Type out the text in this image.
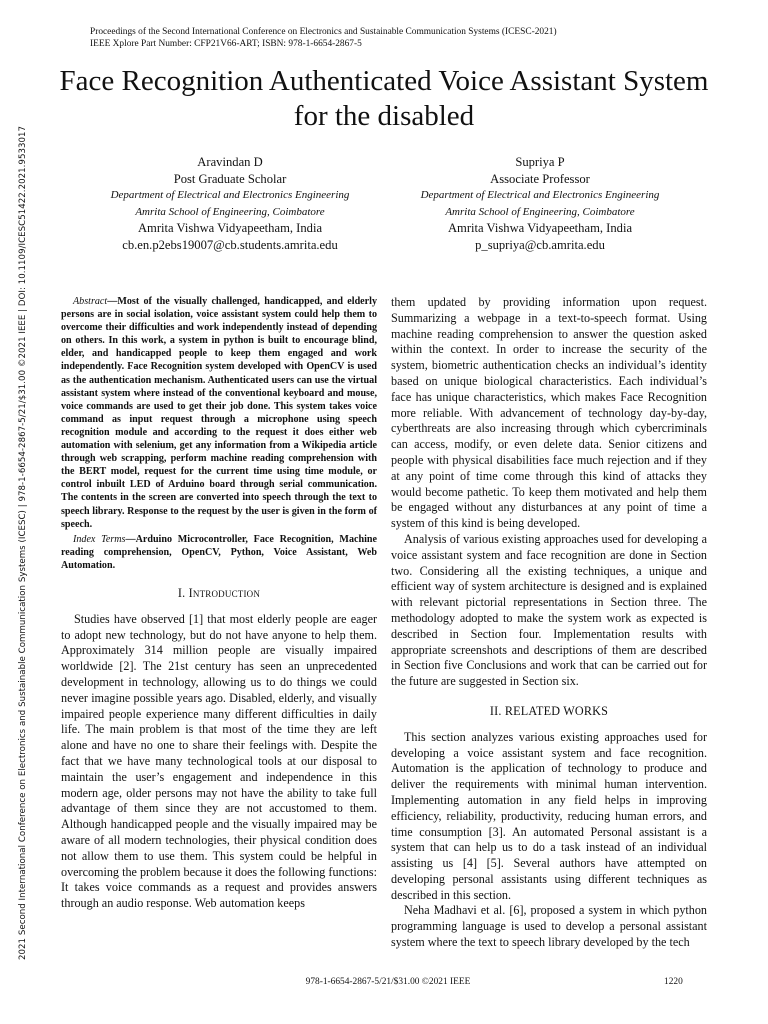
Proceedings of the Second International Conference on Electronics and Sustainable Communication Systems (ICESC-2021)
IEEE Xplore Part Number: CFP21V66-ART; ISBN: 978-1-6654-2867-5
Face Recognition Authenticated Voice Assistant System for the disabled
Aravindan D
Post Graduate Scholar
Department of Electrical and Electronics Engineering
Amrita School of Engineering, Coimbatore
Amrita Vishwa Vidyapeetham, India
cb.en.p2ebs19007@cb.students.amrita.edu
Supriya P
Associate Professor
Department of Electrical and Electronics Engineering
Amrita School of Engineering, Coimbatore
Amrita Vishwa Vidyapeetham, India
p_supriya@cb.amrita.edu
2021 Second International Conference on Electronics and Sustainable Communication Systems (ICESC) | 978-1-6654-2867-5/21/$31.00 ©2021 IEEE | DOI: 10.1109/ICESC51422.2021.9533017	Abstract—Most of the visually challenged, handicapped, and elderly persons are in social isolation, voice assistant system could help them to overcome their difficulties and work independently instead of depending on others. In this work, a system in python is built to encourage blind, elder, and handicapped people to keep them engaged and work independently. Face Recognition system developed with OpenCV is used as the authentication mechanism. Authenticated users can use the virtual assistant system where instead of the conventional keyboard and mouse, voice commands are used to get their job done. This system takes voice command as input request through a microphone using speech recognition module and according to the request it does either web automation with selenium, get any information from a Wikipedia article through web scrapping, perform machine reading comprehension with the BERT model, request for the current time using time module, or control inbuilt LED of Arduino board through serial communication. The contents in the screen are converted into speech through the text to speech library. Response to the request by the user is given in the form of speech.

Index Terms—Arduino Microcontroller, Face Recognition, Machine reading comprehension, OpenCV, Python, Voice Assistant, Web Automation.

I. Introduction

Studies have observed [1] that most elderly people are eager to adopt new technology, but do not have anyone to help them. Approximately 314 million people are visually impaired worldwide [2]. The 21st century has seen an unprecedented development in technology, allowing us to do things we could never imagine possible years ago. Disabled, elderly, and visually impaired people experience many different difficulties in daily life. The main problem is that most of the time they are left alone and have no one to share their feelings with. Despite the fact that we have many technological tools at our disposal to maintain the user’s engagement and independence in this modern age, older persons may not have the ability to take full advantage of them since they are not accustomed to them. Although handicapped people and the visually impaired may be aware of all modern technologies, their physical condition does not allow them to use them. This system could be helpful in overcoming the problem because it does the following functions: It takes voice commands as a request and provides answers through an audio response. Web automation keeps

them updated by providing information upon request. Summarizing a webpage in a text-to-speech format. Using machine reading comprehension to answer the question asked within the context. In order to increase the security of the system, biometric authentication checks an individual’s identity based on unique biological characteristics. Each individual’s face has unique characteristics, which makes Face Recognition more reliable. With advancement of technology day-by-day, cyberthreats are also increasing through which cybercriminals can access, modify, or even delete data. Senior citizens and people with physical disabilities face much rejection and if they at any point of time come through this kind of attacks they would become pathetic. To keep them motivated and help them be engaged without any disturbances at any point of time a system of this kind is being developed.

Analysis of various existing approaches used for developing a voice assistant system and face recognition are done in Section two. Considering all the existing techniques, a unique and efficient way of system architecture is designed and is explained with relevant pictorial representations in Section three. The methodology adopted to make the system work as expected is described in Section four. Implementation results with appropriate screenshots and descriptions of them are described in Section five Conclusions and work that can be carried out for the future are suggested in Section six.

II. RELATED WORKS

This section analyzes various existing approaches used for developing a voice assistant system and face recognition. Automation is the application of technology to produce and deliver the requirements with minimal human intervention. Implementing automation in any field helps in improving efficiency, reliability, productivity, reducing human errors, and time consumption [3]. An automated Personal assistant is a system that can help us to do a task instead of an individual assisting us [4] [5]. Several authors have attempted on developing personal assistants using different techniques as described in this section.

Neha Madhavi et al. [6], proposed a system in which python programming language is used to develop a personal assistant system where the text to speech library developed by the tech

978-1-6654-2867-5/21/$31.00 ©2021 IEEE	1220
